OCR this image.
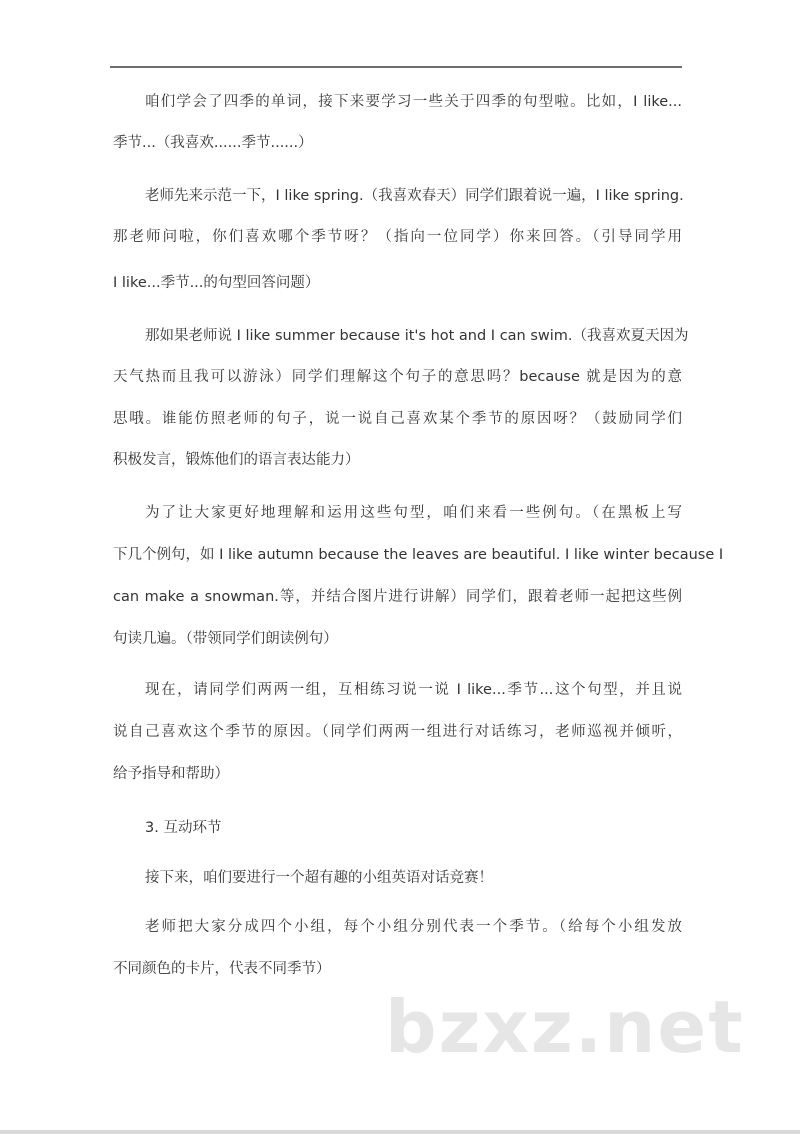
咱们学会了四季的单词，接下来要学习一些关于四季的句型啦。比如，I like...
季节...（我喜欢......季节......）
老师先来示范一下，I like spring.（我喜欢春天）同学们跟着说一遍，I like spring.
那老师问啦，你们喜欢哪个季节呀？（指向一位同学）你来回答。（引导同学用
I like...季节...的句型回答问题）
那如果老师说 I like summer because it's hot and I can swim.（我喜欢夏天因为
天气热而且我可以游泳）同学们理解这个句子的意思吗？because 就是因为的意
思哦。谁能仿照老师的句子，说一说自己喜欢某个季节的原因呀？（鼓励同学们
积极发言，锻炼他们的语言表达能力）
为了让大家更好地理解和运用这些句型，咱们来看一些例句。（在黑板上写
下几个例句，如 I like autumn because the leaves are beautiful. I like winter because I
can make a snowman.等，并结合图片进行讲解）同学们，跟着老师一起把这些例
句读几遍。（带领同学们朗读例句）
现在，请同学们两两一组，互相练习说一说 I like...季节...这个句型，并且说
说自己喜欢这个季节的原因。（同学们两两一组进行对话练习，老师巡视并倾听，
给予指导和帮助）
3. 互动环节
接下来，咱们要进行一个超有趣的小组英语对话竞赛！
老师把大家分成四个小组，每个小组分别代表一个季节。（给每个小组发放
不同颜色的卡片，代表不同季节）
bzxz.net
